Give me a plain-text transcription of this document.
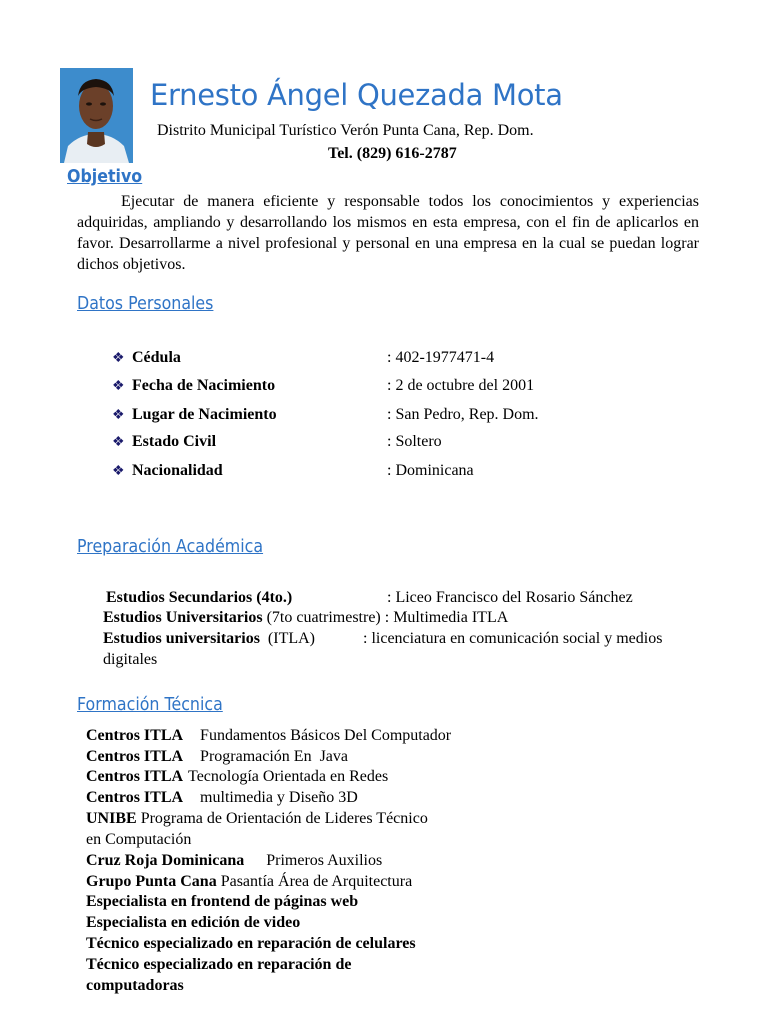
Ernesto Ángel Quezada Mota
Distrito Municipal Turístico Verón Punta Cana, Rep. Dom.
Tel. (829) 616-2787
Objetivo
Ejecutar de manera eficiente y responsable todos los conocimientos y experiencias adquiridas, ampliando y desarrollando los mismos en esta empresa, con el fin de aplicarlos en favor. Desarrollarme a nivel profesional y personal en una empresa en la cual se puedan lograr dichos objetivos.
Datos Personales
❖ Cédula	: 402-1977471-4
❖ Fecha de Nacimiento	: 2 de octubre del 2001
❖ Lugar de Nacimiento	: San Pedro, Rep. Dom.
❖ Estado Civil	: Soltero
❖ Nacionalidad	: Dominicana
Preparación Académica
Estudios Secundarios (4to.)	: Liceo Francisco del Rosario Sánchez
Estudios Universitarios (7to cuatrimestre) : Multimedia ITLA
Estudios universitarios  (ITLA)	: licenciatura en comunicación social y medios
digitales
Formación Técnica
Centros ITLA Fundamentos Básicos Del Computador
Centros ITLA Programación En  Java
Centros ITLA Tecnología Orientada en Redes
Centros ITLA multimedia y Diseño 3D
UNIBE Programa de Orientación de Lideres Técnico
en Computación
Cruz Roja Dominicana Primeros Auxilios
Grupo Punta Cana Pasantía Área de Arquitectura
Especialista en frontend de páginas web
Especialista en edición de video
Técnico especializado en reparación de celulares
Técnico especializado en reparación de
computadoras
